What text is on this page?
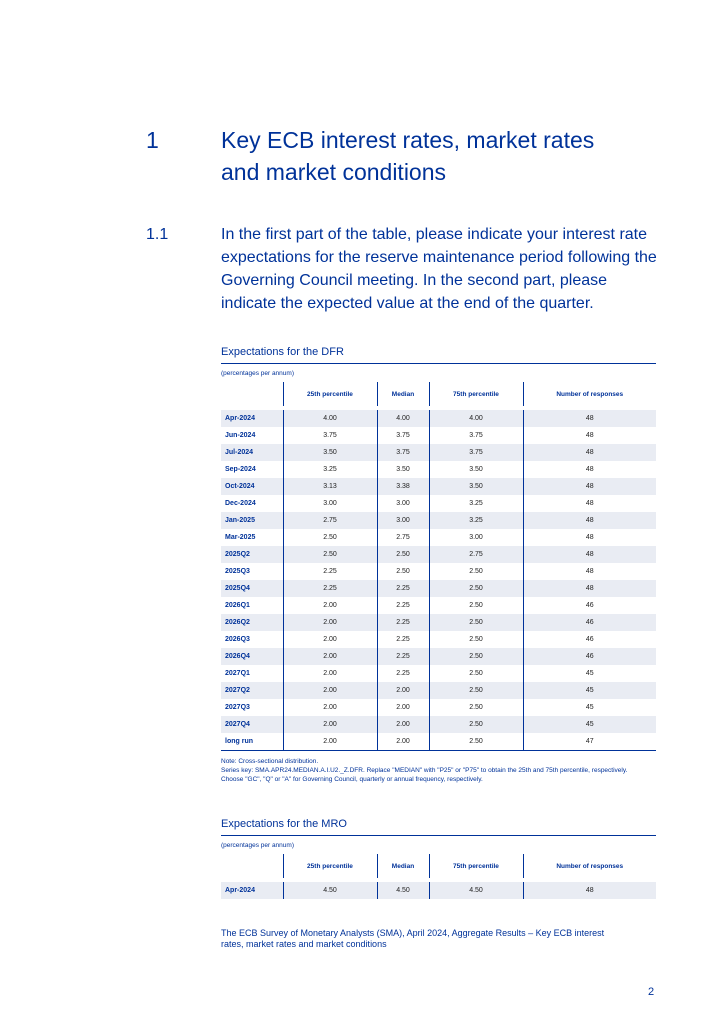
1	Key ECB interest rates, market rates
and market conditions
1.1	In the first part of the table, please indicate your interest rate expectations for the reserve maintenance period following the Governing Council meeting. In the second part, please indicate the expected value at the end of the quarter.
Expectations for the DFR
(percentages per annum)
	25th percentile	Median	75th percentile	Number of responses
Apr-2024	4.00	4.00	4.00	48
Jun-2024	3.75	3.75	3.75	48
Jul-2024	3.50	3.75	3.75	48
Sep-2024	3.25	3.50	3.50	48
Oct-2024	3.13	3.38	3.50	48
Dec-2024	3.00	3.00	3.25	48
Jan-2025	2.75	3.00	3.25	48
Mar-2025	2.50	2.75	3.00	48
2025Q2	2.50	2.50	2.75	48
2025Q3	2.25	2.50	2.50	48
2025Q4	2.25	2.25	2.50	48
2026Q1	2.00	2.25	2.50	46
2026Q2	2.00	2.25	2.50	46
2026Q3	2.00	2.25	2.50	46
2026Q4	2.00	2.25	2.50	46
2027Q1	2.00	2.25	2.50	45
2027Q2	2.00	2.00	2.50	45
2027Q3	2.00	2.00	2.50	45
2027Q4	2.00	2.00	2.50	45
long run	2.00	2.00	2.50	47
Note: Cross-sectional distribution.
Series key: SMA.APR24.MEDIAN.A.I.U2._Z.DFR. Replace "MEDIAN" with "P25" or "P75" to obtain the 25th and 75th percentile, respectively. Choose "GC", "Q" or "A" for Governing Council, quarterly or annual frequency, respectively.
Expectations for the MRO
(percentages per annum)
	25th percentile	Median	75th percentile	Number of responses
Apr-2024	4.50	4.50	4.50	48
The ECB Survey of Monetary Analysts (SMA), April 2024, Aggregate Results – Key ECB interest rates, market rates and market conditions
2
